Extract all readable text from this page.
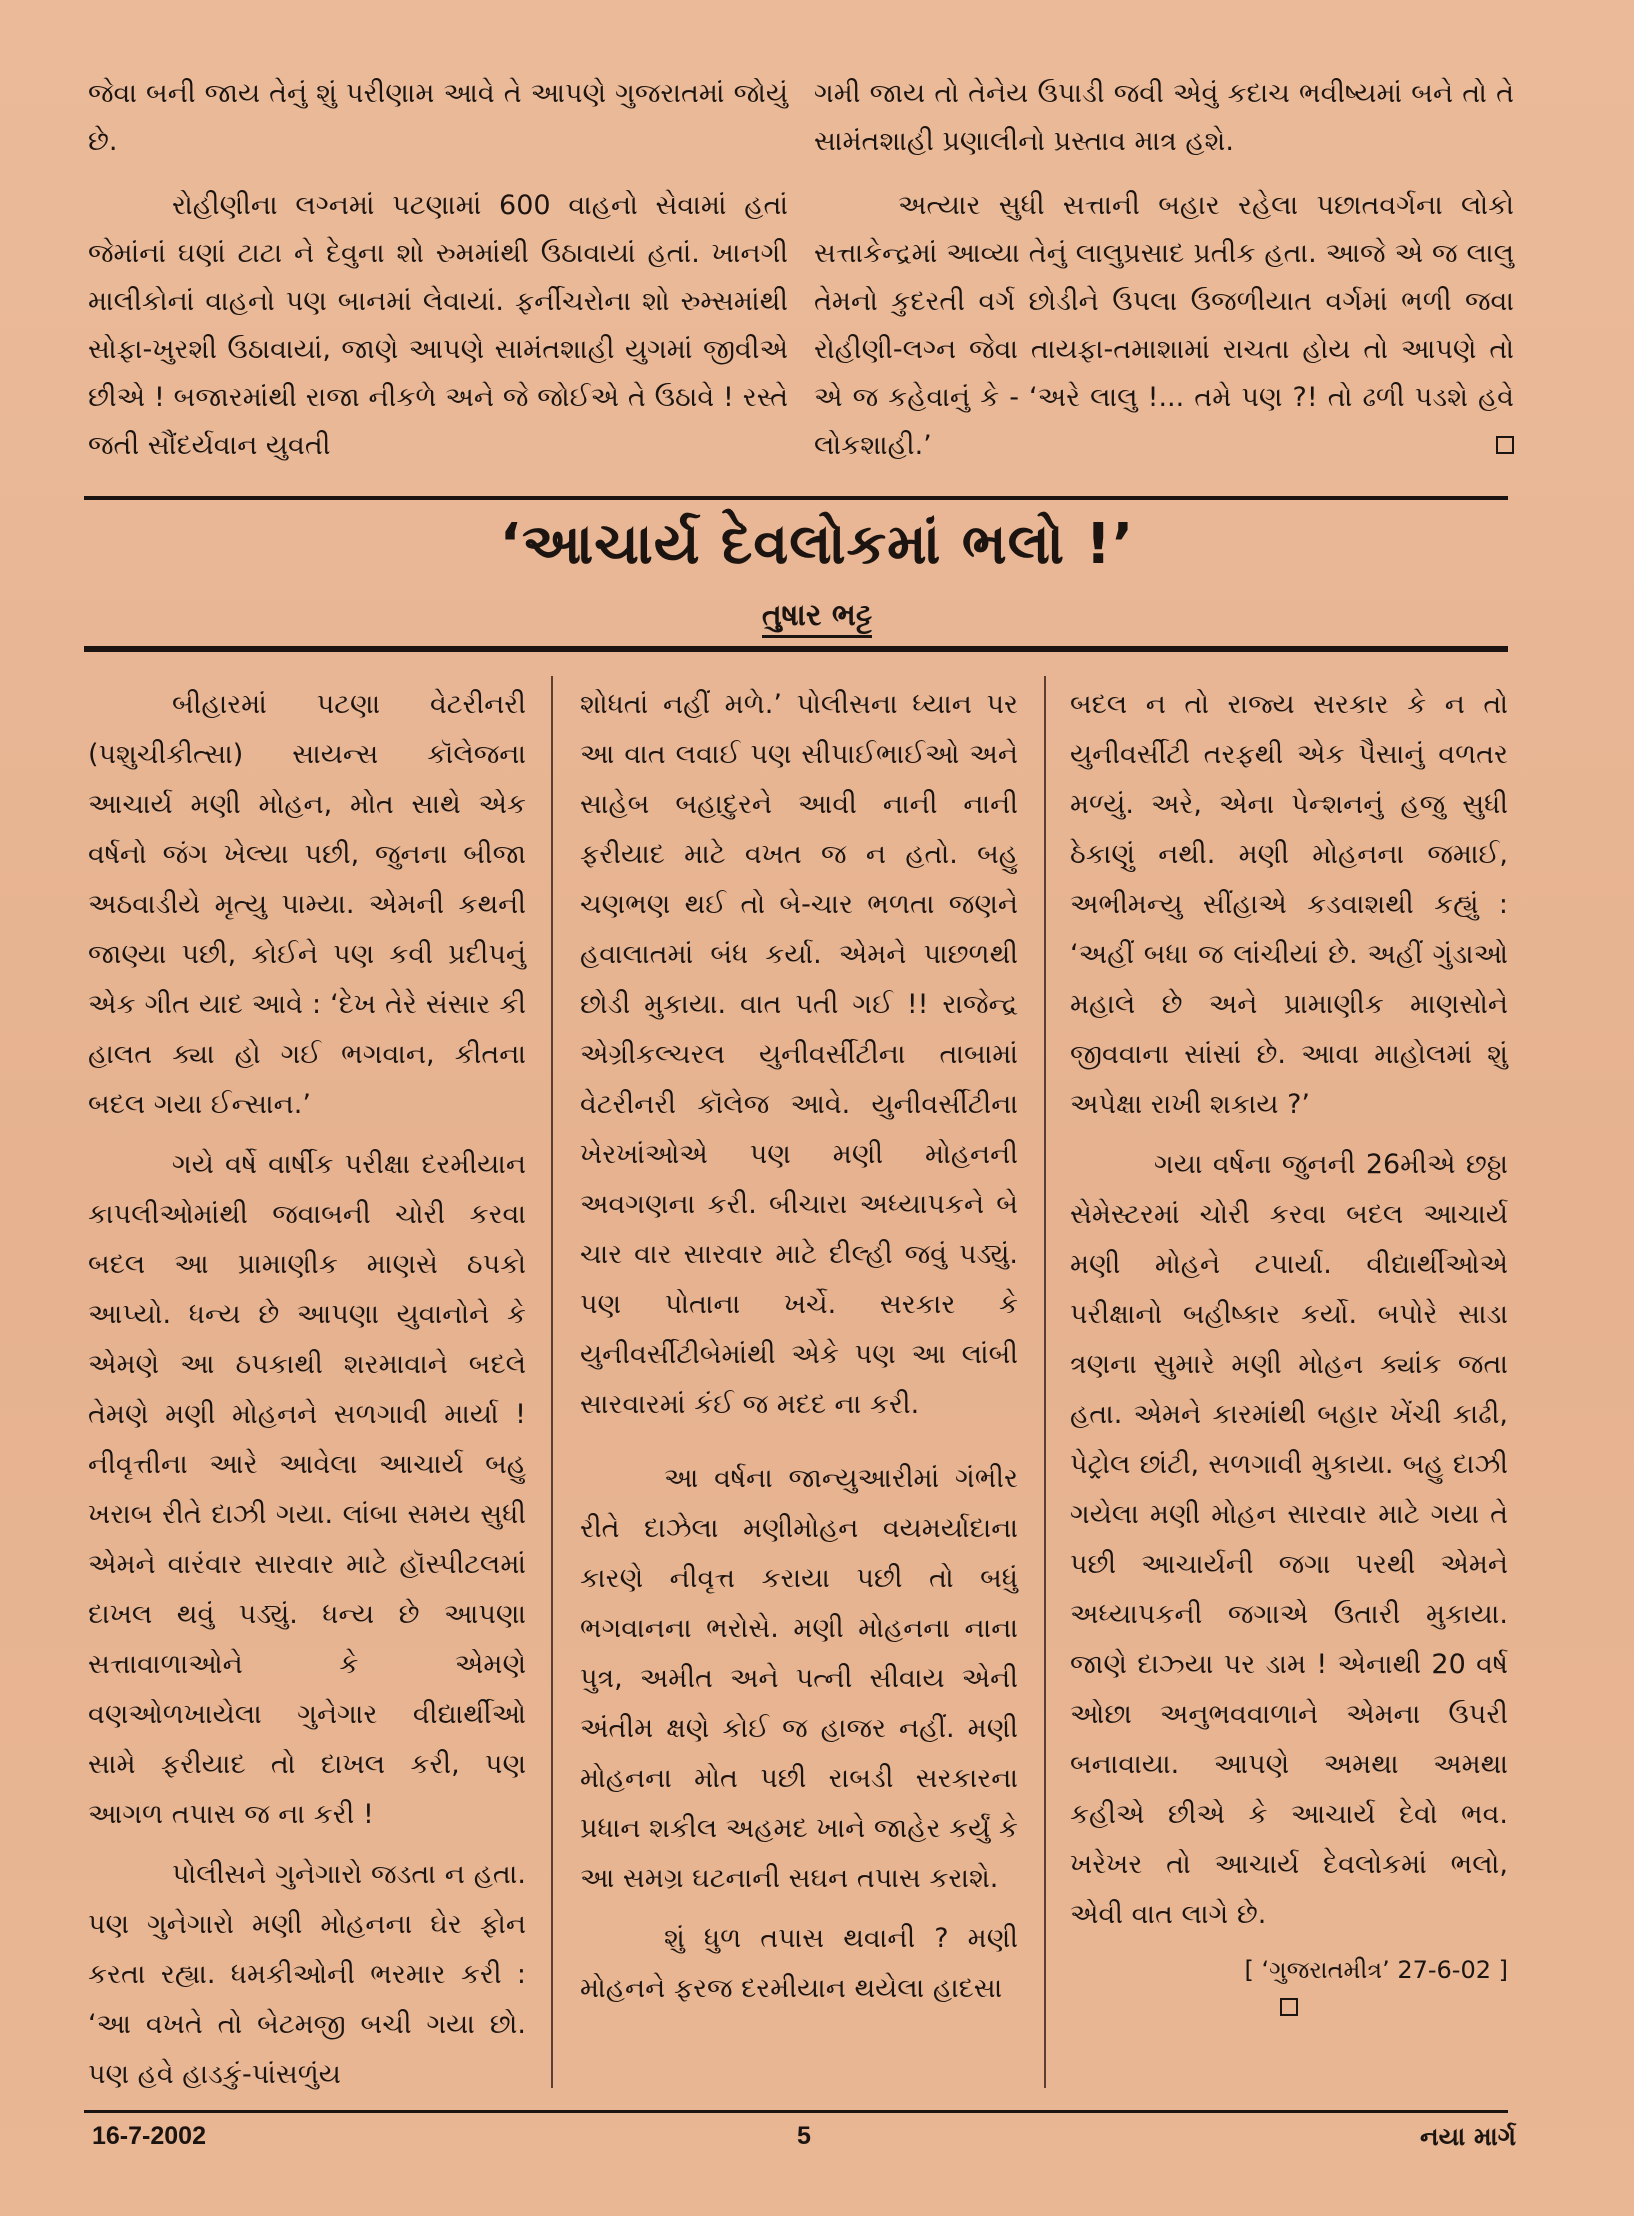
જેવા બની જાય તેનું શું પરીણામ આવે તે આપણે ગુજરાતમાં જોયું છે.

રોહીણીના લગ્નમાં પટણામાં 600 વાહનો સેવામાં હતાં જેમાંનાં ઘણાં ટાટા ને દેવુના શો રુમમાંથી ઉઠાવાયાં હતાં. ખાનગી માલીકોનાં વાહનો પણ બાનમાં લેવાયાં. ફર્નીચરોના શો રુમ્સમાંથી સોફા-ખુરશી ઉઠાવાયાં, જાણે આપણે સામંતશાહી યુગમાં જીવીએ છીએ ! બજારમાંથી રાજા નીકળે અને જે જોઈએ તે ઉઠાવે ! રસ્તે જતી સૌંદર્યવાન યુવતી

ગમી જાય તો તેનેય ઉપાડી જવી એવું કદાચ ભવીષ્યમાં બને તો તે સામંતશાહી પ્રણાલીનો પ્રસ્તાવ માત્ર હશે.

અત્યાર સુધી સત્તાની બહાર રહેલા પછાતવર્ગના લોકો સત્તાકેન્દ્રમાં આવ્યા તેનું લાલુપ્રસાદ પ્રતીક હતા. આજે એ જ લાલુ તેમનો કુદરતી વર્ગ છોડીને ઉપલા ઉજળીયાત વર્ગમાં ભળી જવા રોહીણી-લગ્ન જેવા તાયફા-તમાશામાં રાચતા હોય તો આપણે તો એ જ કહેવાનું કે - ‘અરે લાલુ !... તમે પણ ?! તો ઢળી પડશે હવે લોકશાહી.’

‘આચાર્ય દેવલોકમાં ભલો !’
તુષાર ભટ્ટ

બીહારમાં પટણા વેટરીનરી (પશુચીકીત્સા) સાયન્સ કૉલેજના આચાર્ય મણી મોહન, મોત સાથે એક વર્ષનો જંગ ખેલ્યા પછી, જુનના બીજા અઠવાડીયે મૃત્યુ પામ્યા. એમની કથની જાણ્યા પછી, કોઈને પણ કવી પ્રદીપનું એક ગીત યાદ આવે : ‘દેખ તેરે સંસાર કી હાલત ક્યા હો ગઈ ભગવાન, કીતના બદલ ગયા ઈન્સાન.’

ગયે વર્ષે વાર્ષીક પરીક્ષા દરમીયાન કાપલીઓમાંથી જવાબની ચોરી કરવા બદલ આ પ્રામાણીક માણસે ઠપકો આપ્યો. ધન્ય છે આપણા યુવાનોને કે એમણે આ ઠપકાથી શરમાવાને બદલે તેમણે મણી મોહનને સળગાવી માર્યા ! નીવૃત્તીના આરે આવેલા આચાર્ય બહુ ખરાબ રીતે દાઝી ગયા. લાંબા સમય સુધી એમને વારંવાર સારવાર માટે હૉસ્પીટલમાં દાખલ થવું પડ્યું. ધન્ય છે આપણા સત્તાવાળાઓને કે એમણે વણઓળખાયેલા ગુનેગાર વીદ્યાર્થીઓ સામે ફરીયાદ તો દાખલ કરી, પણ આગળ તપાસ જ ના કરી !

પોલીસને ગુનેગારો જડતા ન હતા. પણ ગુનેગારો મણી મોહનના ઘેર ફોન કરતા રહ્યા. ધમકીઓની ભરમાર કરી : ‘આ વખતે તો બેટમજી બચી ગયા છો. પણ હવે હાડકું-પાંસળુંય

શોધતાં નહીં મળે.’ પોલીસના ધ્યાન પર આ વાત લવાઈ પણ સીપાઈભાઈઓ અને સાહેબ બહાદુરને આવી નાની નાની ફરીયાદ માટે વખત જ ન હતો. બહુ ચણભણ થઈ તો બે-ચાર ભળતા જણને હવાલાતમાં બંધ કર્યા. એમને પાછળથી છોડી મુકાયા. વાત પતી ગઈ !! રાજેન્દ્ર એગ્રીકલ્ચરલ યુનીવર્સીટીના તાબામાં વેટરીનરી કૉલેજ આવે. યુનીવર્સીટીના ખેરખાંઓએ પણ મણી મોહનની અવગણના કરી. બીચારા અધ્યાપકને બે ચાર વાર સારવાર માટે દીલ્હી જવું પડ્યું. પણ પોતાના ખર્ચે. સરકાર કે યુનીવર્સીટીબેમાંથી એકે પણ આ લાંબી સારવારમાં કંઈ જ મદદ ના કરી.

આ વર્ષના જાન્યુઆરીમાં ગંભીર રીતે દાઝેલા મણીમોહન વયમર્યાદાના કારણે નીવૃત્ત કરાયા પછી તો બધું ભગવાનના ભરોસે. મણી મોહનના નાના પુત્ર, અમીત અને પત્ની સીવાય એની અંતીમ ક્ષણે કોઈ જ હાજર નહીં. મણી મોહનના મોત પછી રાબડી સરકારના પ્રધાન શકીલ અહમદ ખાને જાહેર કર્યું કે આ સમગ્ર ઘટનાની સઘન તપાસ કરાશે.

શું ધુળ તપાસ થવાની ? મણી મોહનને ફરજ દરમીયાન થયેલા હાદસા

બદલ ન તો રાજ્ય સરકાર કે ન તો યુનીવર્સીટી તરફથી એક પૈસાનું વળતર મળ્યું. અરે, એના પેન્શનનું હજુ સુધી ઠેકાણું નથી. મણી મોહનના જમાઈ, અભીમન્યુ સીંહાએ કડવાશથી કહ્યું : ‘અહીં બધા જ લાંચીયાં છે. અહીં ગુંડાઓ મહાલે છે અને પ્રામાણીક માણસોને જીવવાના સાંસાં છે. આવા માહોલમાં શું અપેક્ષા રાખી શકાય ?’

ગયા વર્ષના જુનની 26મીએ છઠ્ઠા સેમેસ્ટરમાં ચોરી કરવા બદલ આચાર્ય મણી મોહને ટપાર્યા. વીદ્યાર્થીઓએ પરીક્ષાનો બહીષ્કાર કર્યો. બપોરે સાડા ત્રણના સુમારે મણી મોહન ક્યાંક જતા હતા. એમને કારમાંથી બહાર ખેંચી કાઢી, પેટ્રોલ છાંટી, સળગાવી મુકાયા. બહુ દાઝી ગયેલા મણી મોહન સારવાર માટે ગયા તે પછી આચાર્યની જગા પરથી એમને અધ્યાપકની જગાએ ઉતારી મુકાયા. જાણે દાઝ્યા પર ડામ ! એનાથી 20 વર્ષ ઓછા અનુભવવાળાને એમના ઉપરી બનાવાયા. આપણે અમથા અમથા કહીએ છીએ કે આચાર્ય દેવો ભવ. ખરેખર તો આચાર્ય દેવલોકમાં ભલો, એવી વાત લાગે છે.

[ ‘ગુજરાતમીત્ર’ 27-6-02 ]
16-7-2002	5	નયા માર્ગ
